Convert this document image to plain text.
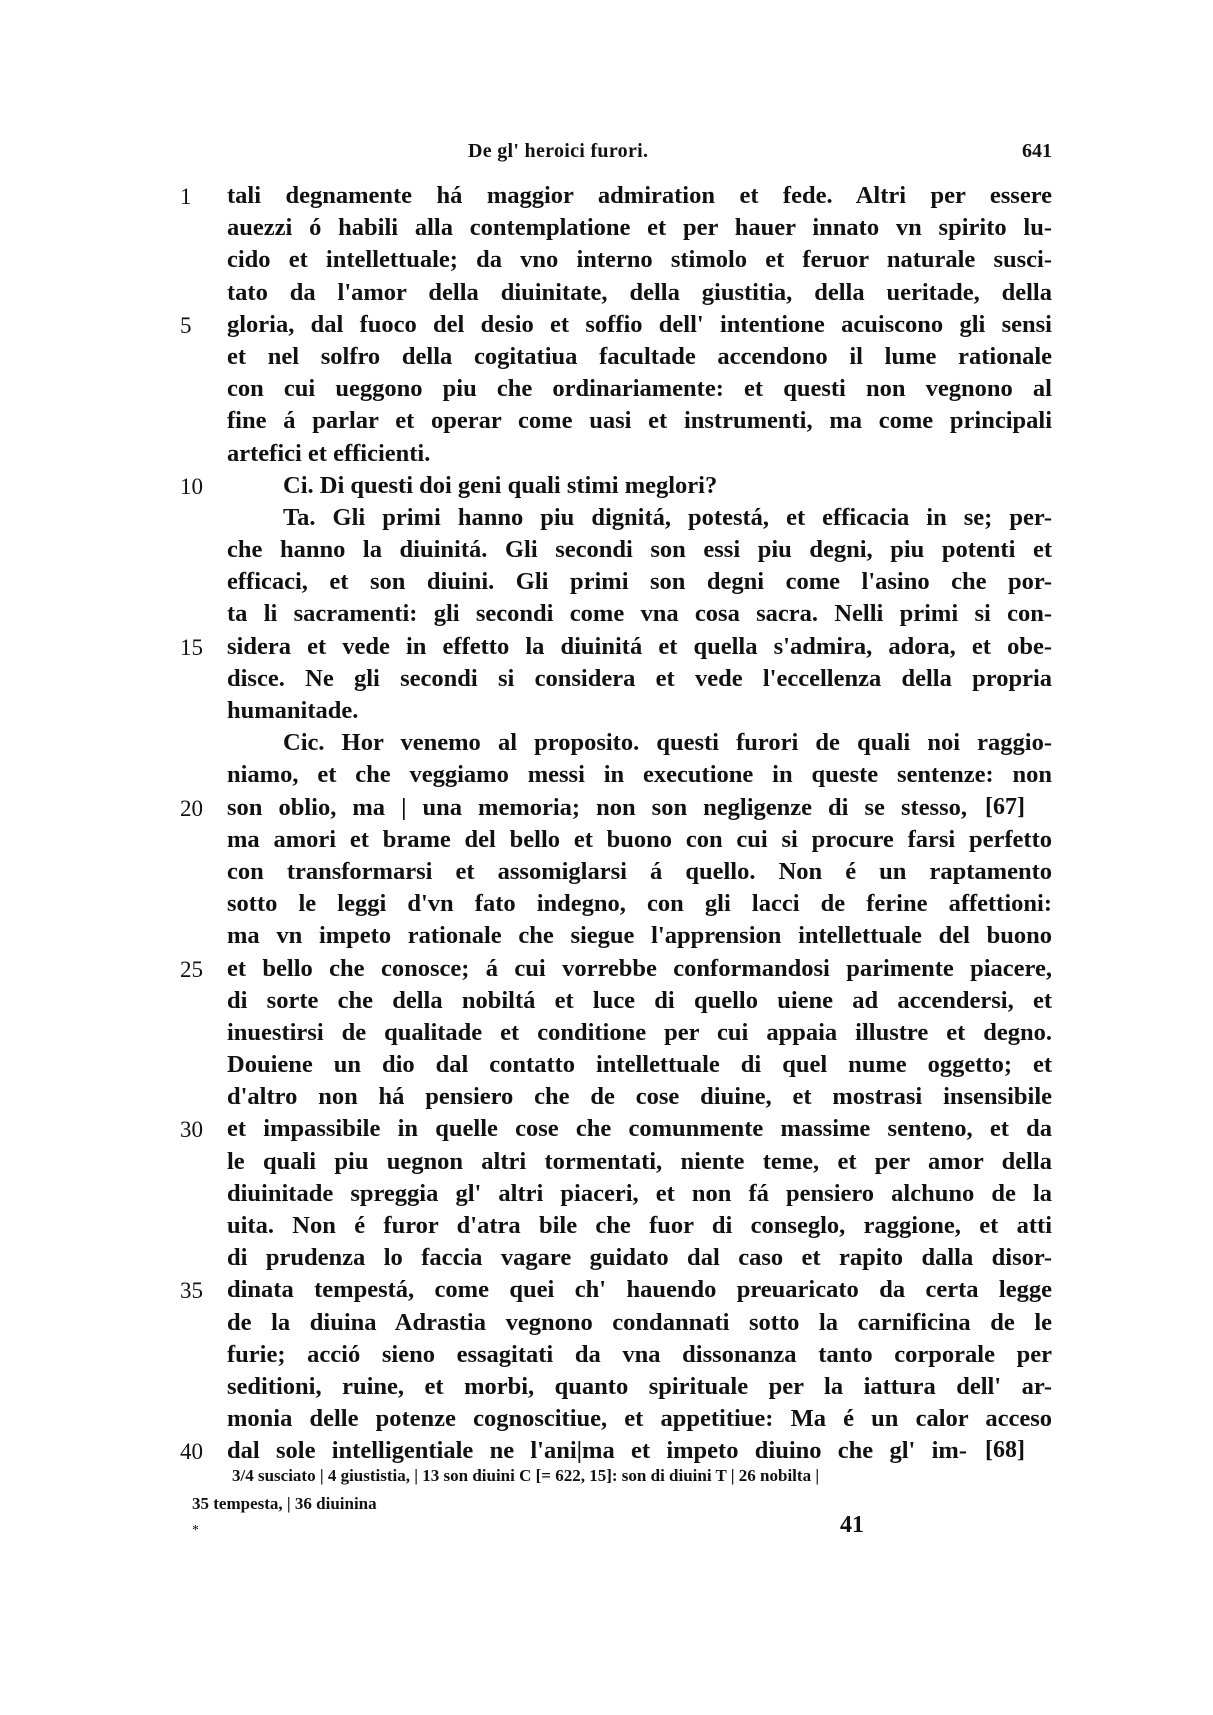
De gl' heroici furori.	641
1	tali degnamente há maggior admiration et fede. Altri per essere
auezzi ó habili alla contemplatione et per hauer innato vn spirito lu-
cido et intellettuale; da vno interno stimolo et feruor naturale susci-
tato da l'amor della diuinitate, della giustitia, della ueritade, della
5	gloria, dal fuoco del desio et soffio dell' intentione acuiscono gli sensi
et nel solfro della cogitatiua facultade accendono il lume rationale
con cui ueggono piu che ordinariamente: et questi non vegnono al
fine á parlar et operar come uasi et instrumenti, ma come principali
artefici et efficienti.
10	Ci. Di questi doi geni quali stimi meglori?
Ta. Gli primi hanno piu dignitá, potestá, et efficacia in se; per-
che hanno la diuinitá. Gli secondi son essi piu degni, piu potenti et
efficaci, et son diuini. Gli primi son degni come l'asino che por-
ta li sacramenti: gli secondi come vna cosa sacra. Nelli primi si con-
15 sidera et vede in effetto la diuinitá et quella s'admira, adora, et obe-
disce. Ne gli secondi si considera et vede l'eccellenza della propria
humanitade.
Cic. Hor venemo al proposito. questi furori de quali noi raggio-
niamo, et che veggiamo messi in executione in queste sentenze: non
20 son oblio, ma | una memoria; non son negligenze di se stesso, [67]
ma amori et brame del bello et buono con cui si procure farsi perfetto
con transformarsi et assomiglarsi á quello. Non é un raptamento
sotto le leggi d'vn fato indegno, con gli lacci de ferine affettioni:
ma vn impeto rationale che siegue l'apprension intellettuale del buono
25 et bello che conosce; á cui vorrebbe conformandosi parimente piacere,
di sorte che della nobiltá et luce di quello uiene ad accendersi, et
inuestirsi de qualitade et conditione per cui appaia illustre et degno.
Douiene un dio dal contatto intellettuale di quel nume oggetto; et
d'altro non há pensiero che de cose diuine, et mostrasi insensibile
30 et impassibile in quelle cose che comunmente massime senteno, et da
le quali piu uegnon altri tormentati, niente teme, et per amor della
diuinitade spreggia gl' altri piaceri, et non fá pensiero alchuno de la
uita. Non é furor d'atra bile che fuor di conseglo, raggione, et atti
di prudenza lo faccia vagare guidato dal caso et rapito dalla disor-
35 dinata tempestá, come quei ch' hauendo preuaricato da certa legge
de la diuina Adrastia vegnono condannati sotto la carnificina de le
furie; acció sieno essagitati da vna dissonanza tanto corporale per
seditioni, ruine, et morbi, quanto spirituale per la iattura dell' ar-
monia delle potenze cognoscitiue, et appetitiue: Ma é un calor acceso
40 dal sole intelligentiale ne l'ani|ma et impeto diuino che gl' im- [68]
3/4 susciato | 4 giustistia, | 13 son diuini C [= 622, 15]: son di diuini T | 26 nobilta |
35 tempesta, | 36 diuinina
*	41
